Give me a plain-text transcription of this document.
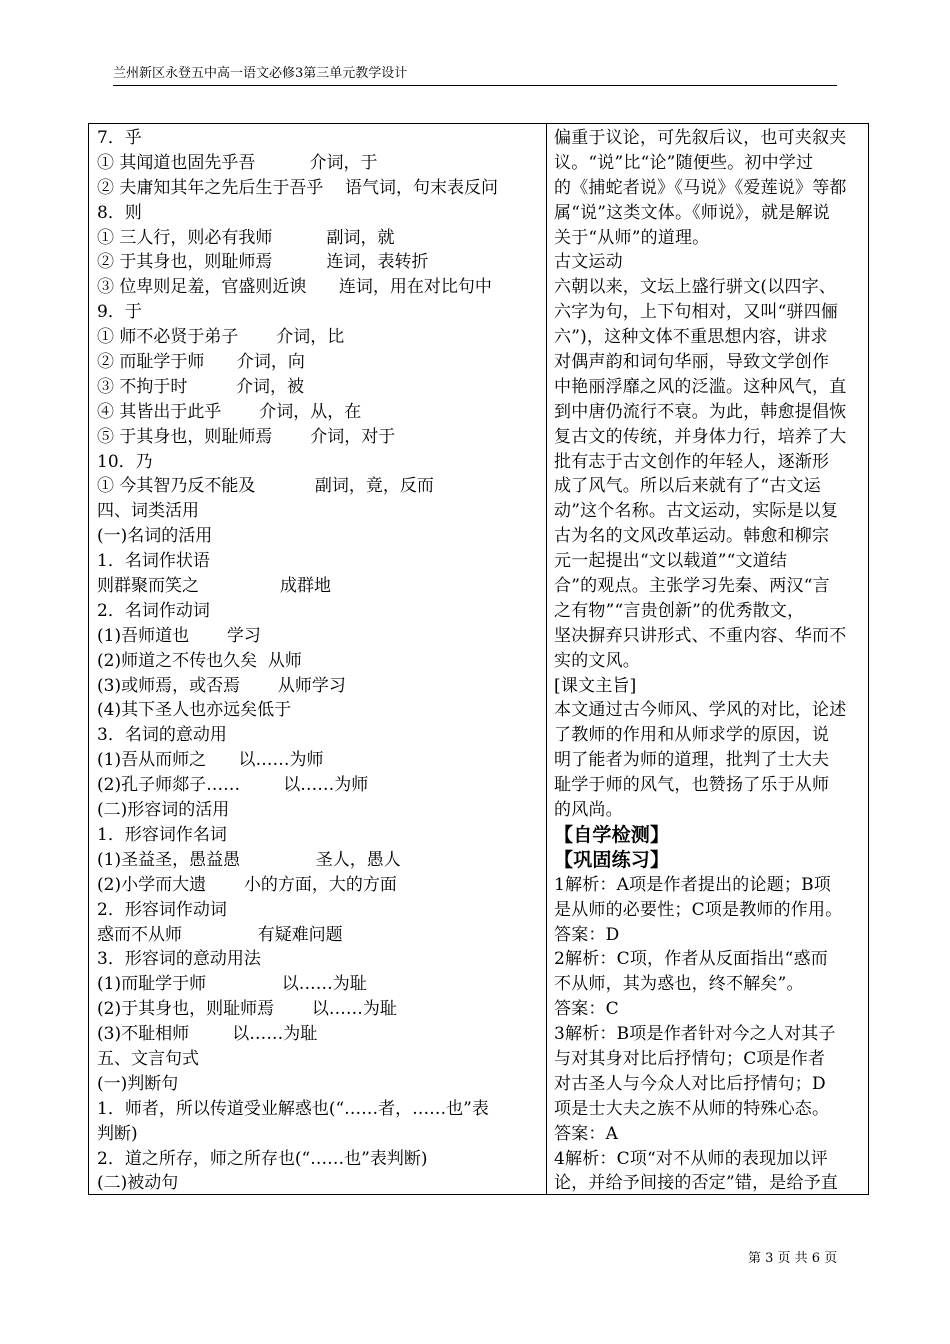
兰州新区永登五中高一语文必修3第三单元教学设计
7．乎
① 其闻道也固先乎吾          介词，于
② 夫庸知其年之先后生于吾乎    语气词，句末表反问
8．则
① 三人行，则必有我师          副词，就
② 于其身也，则耻师焉          连词，表转折
③ 位卑则足羞，官盛则近谀      连词，用在对比句中
9．于
① 师不必贤于弟子       介词，比
② 而耻学于师      介词，向
③ 不拘于时         介词，被
④ 其皆出于此乎       介词，从，在
⑤ 于其身也，则耻师焉       介词，对于
10．乃
① 今其智乃反不能及           副词，竟，反而
四、词类活用
(一)名词的活用
1．名词作状语
则群聚而笑之               成群地
2．名词作动词
(1)吾师道也       学习
(2)师道之不传也久矣  从师
(3)或师焉，或否焉       从师学习
(4)其下圣人也亦远矣低于
3．名词的意动用
(1)吾从而师之      以……为师
(2)孔子师郯子……        以……为师
(二)形容词的活用
1．形容词作名词
(1)圣益圣，愚益愚              圣人，愚人
(2)小学而大遗       小的方面，大的方面
2．形容词作动词
惑而不从师              有疑难问题
3．形容词的意动用法
(1)而耻学于师              以……为耻
(2)于其身也，则耻师焉       以……为耻
(3)不耻相师        以……为耻
五、文言句式
(一)判断句
1．师者，所以传道受业解惑也(“……者，……也”表
判断)
2．道之所存，师之所存也(“……也”表判断)
(二)被动句
偏重于议论，可先叙后议，也可夹叙夹
议。“说”比“论”随便些。初中学过
的《捕蛇者说》《马说》《爱莲说》等都
属“说”这类文体。《师说》，就是解说
关于“从师”的道理。
古文运动
六朝以来，文坛上盛行骈文(以四字、
六字为句，上下句相对，又叫“骈四俪
六”)，这种文体不重思想内容，讲求
对偶声韵和词句华丽，导致文学创作
中艳丽浮靡之风的泛滥。这种风气，直
到中唐仍流行不衰。为此，韩愈提倡恢
复古文的传统，并身体力行，培养了大
批有志于古文创作的年轻人，逐渐形
成了风气。所以后来就有了“古文运
动”这个名称。古文运动，实际是以复
古为名的文风改革运动。韩愈和柳宗
元一起提出“文以载道”“文道结
合”的观点。主张学习先秦、两汉“言
之有物”“言贵创新”的优秀散文，
坚决摒弃只讲形式、不重内容、华而不
实的文风。
[课文主旨]
本文通过古今师风、学风的对比，论述
了教师的作用和从师求学的原因，说
明了能者为师的道理，批判了士大夫
耻学于师的风气，也赞扬了乐于从师
的风尚。
【自学检测】
【巩固练习】
1解析：A项是作者提出的论题；B项
是从师的必要性；C项是教师的作用。
答案：D
2解析：C项，作者从反面指出“惑而
不从师，其为惑也，终不解矣”。
答案：C
3解析：B项是作者针对今之人对其子
与对其身对比后抒情句；C项是作者
对古圣人与今众人对比后抒情句；D
项是士大夫之族不从师的特殊心态。
答案：A
4解析：C项“对不从师的表现加以评
论，并给予间接的否定”错，是给予直
第 3 页 共 6 页
